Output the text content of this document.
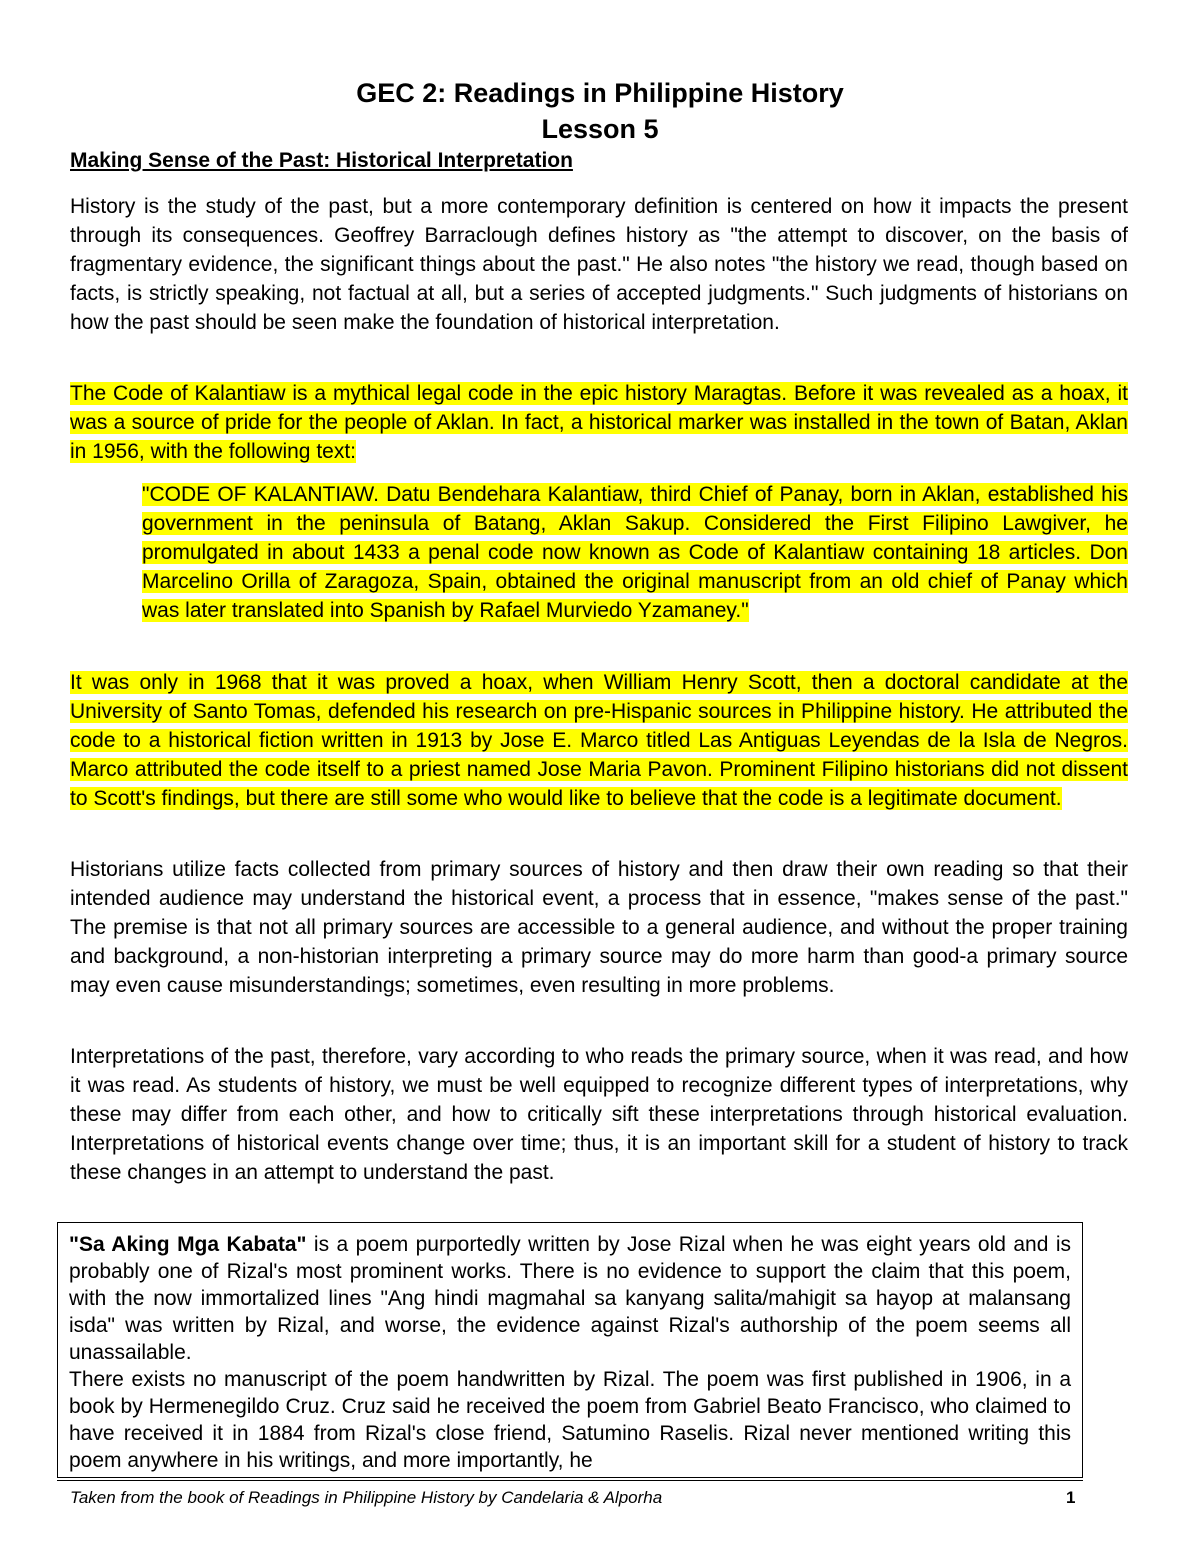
GEC 2: Readings in Philippine History
Lesson 5
Making Sense of the Past: Historical Interpretation

History is the study of the past, but a more contemporary definition is centered on how it impacts the present through its consequences. Geoffrey Barraclough defines history as "the attempt to discover, on the basis of fragmentary evidence, the significant things about the past." He also notes "the history we read, though based on facts, is strictly speaking, not factual at all, but a series of accepted judgments." Such judgments of historians on how the past should be seen make the foundation of historical interpretation.

The Code of Kalantiaw is a mythical legal code in the epic history Maragtas. Before it was revealed as a hoax, it was a source of pride for the people of Aklan. In fact, a historical marker was installed in the town of Batan, Aklan in 1956, with the following text:

"CODE OF KALANTIAW. Datu Bendehara Kalantiaw, third Chief of Panay, born in Aklan, established his government in the peninsula of Batang, Aklan Sakup. Considered the First Filipino Lawgiver, he promulgated in about 1433 a penal code now known as Code of Kalantiaw containing 18 articles. Don Marcelino Orilla of Zaragoza, Spain, obtained the original manuscript from an old chief of Panay which was later translated into Spanish by Rafael Murviedo Yzamaney."

It was only in 1968 that it was proved a hoax, when William Henry Scott, then a doctoral candidate at the University of Santo Tomas, defended his research on pre-Hispanic sources in Philippine history. He attributed the code to a historical fiction written in 1913 by Jose E. Marco titled Las Antiguas Leyendas de la Isla de Negros. Marco attributed the code itself to a priest named Jose Maria Pavon. Prominent Filipino historians did not dissent to Scott's findings, but there are still some who would like to believe that the code is a legitimate document.

Historians utilize facts collected from primary sources of history and then draw their own reading so that their intended audience may understand the historical event, a process that in essence, "makes sense of the past." The premise is that not all primary sources are accessible to a general audience, and without the proper training and background, a non-historian interpreting a primary source may do more harm than good-a primary source may even cause misunderstandings; sometimes, even resulting in more problems.

Interpretations of the past, therefore, vary according to who reads the primary source, when it was read, and how it was read. As students of history, we must be well equipped to recognize different types of interpretations, why these may differ from each other, and how to critically sift these interpretations through historical evaluation. Interpretations of historical events change over time; thus, it is an important skill for a student of history to track these changes in an attempt to understand the past.

"Sa Aking Mga Kabata" is a poem purportedly written by Jose Rizal when he was eight years old and is probably one of Rizal's most prominent works. There is no evidence to support the claim that this poem, with the now immortalized lines "Ang hindi magmahal sa kanyang salita/mahigit sa hayop at malansang isda" was written by Rizal, and worse, the evidence against Rizal's authorship of the poem seems all unassailable.

There exists no manuscript of the poem handwritten by Rizal. The poem was first published in 1906, in a book by Hermenegildo Cruz. Cruz said he received the poem from Gabriel Beato Francisco, who claimed to have received it in 1884 from Rizal's close friend, Satumino Raselis. Rizal never mentioned writing this poem anywhere in his writings, and more importantly, he

Taken from the book of Readings in Philippine History by Candelaria & Alporha	1
